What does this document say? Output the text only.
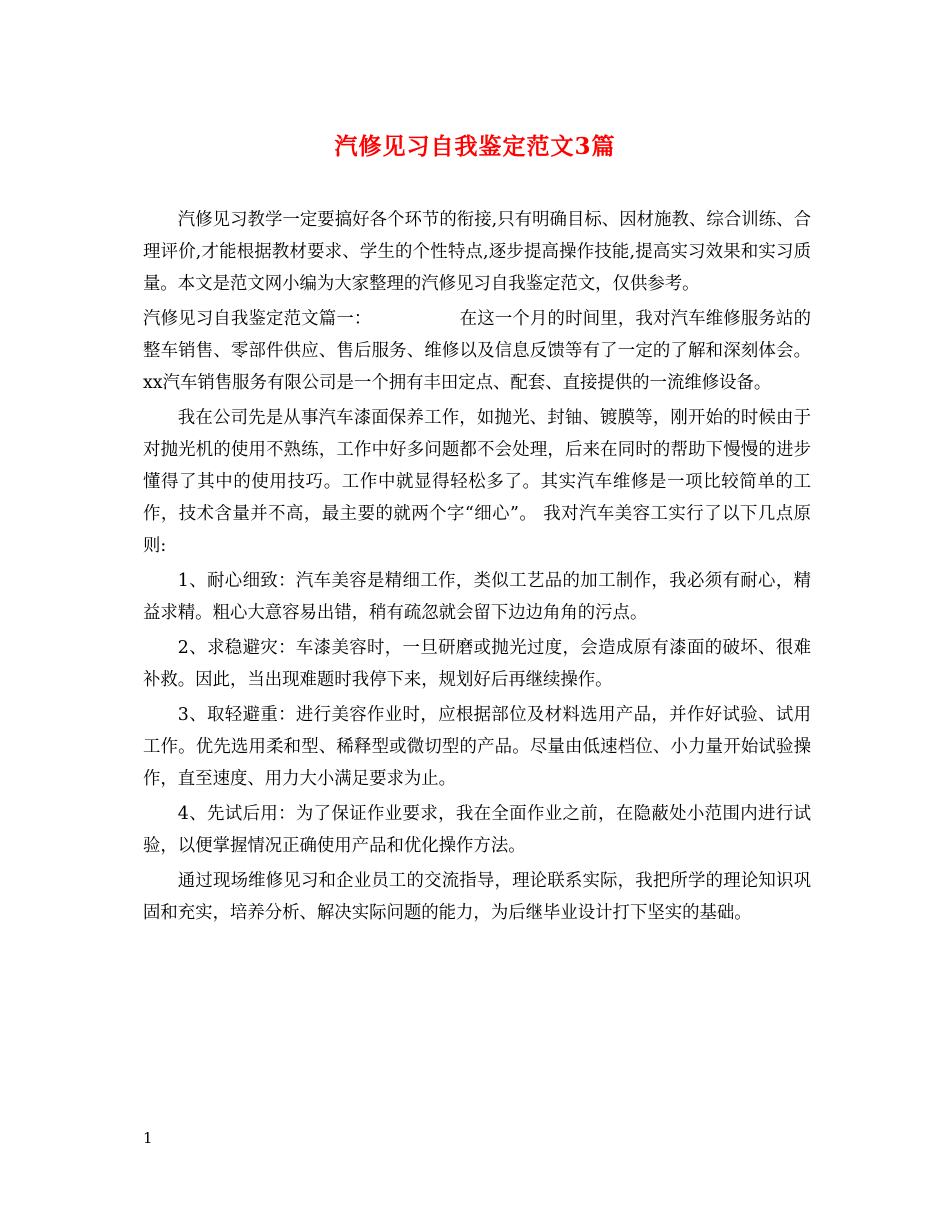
汽修见习自我鉴定范文3篇

汽修见习教学一定要搞好各个环节的衔接,只有明确目标、因材施教、综合训练、合理评价,才能根据教材要求、学生的个性特点,逐步提高操作技能,提高实习效果和实习质量。本文是范文网小编为大家整理的汽修见习自我鉴定范文，仅供参考。

汽修见习自我鉴定范文篇一：	在这一个月的时间里，我对汽车维修服务站的整车销售、零部件供应、售后服务、维修以及信息反馈等有了一定的了解和深刻体会。xx汽车销售服务有限公司是一个拥有丰田定点、配套、直接提供的一流维修设备。

我在公司先是从事汽车漆面保养工作，如抛光、封铀、镀膜等，刚开始的时候由于对抛光机的使用不熟练，工作中好多问题都不会处理，后来在同时的帮助下慢慢的进步懂得了其中的使用技巧。工作中就显得轻松多了。其实汽车维修是一项比较简单的工作，技术含量并不高，最主要的就两个字“细心”。 我对汽车美容工实行了以下几点原则:

1、耐心细致：汽车美容是精细工作，类似工艺品的加工制作，我必须有耐心，精益求精。粗心大意容易出错，稍有疏忽就会留下边边角角的污点。

2、求稳避灾：车漆美容时，一旦研磨或抛光过度，会造成原有漆面的破坏、很难补救。因此，当出现难题时我停下来，规划好后再继续操作。

3、取轻避重：进行美容作业时，应根据部位及材料选用产品，并作好试验、试用工作。优先选用柔和型、稀释型或微切型的产品。尽量由低速档位、小力量开始试验操作，直至速度、用力大小满足要求为止。

4、先试后用：为了保证作业要求，我在全面作业之前，在隐蔽处小范围内进行试验，以便掌握情况正确使用产品和优化操作方法。

通过现场维修见习和企业员工的交流指导，理论联系实际，我把所学的理论知识巩固和充实，培养分析、解决实际问题的能力，为后继毕业设计打下坚实的基础。

1
